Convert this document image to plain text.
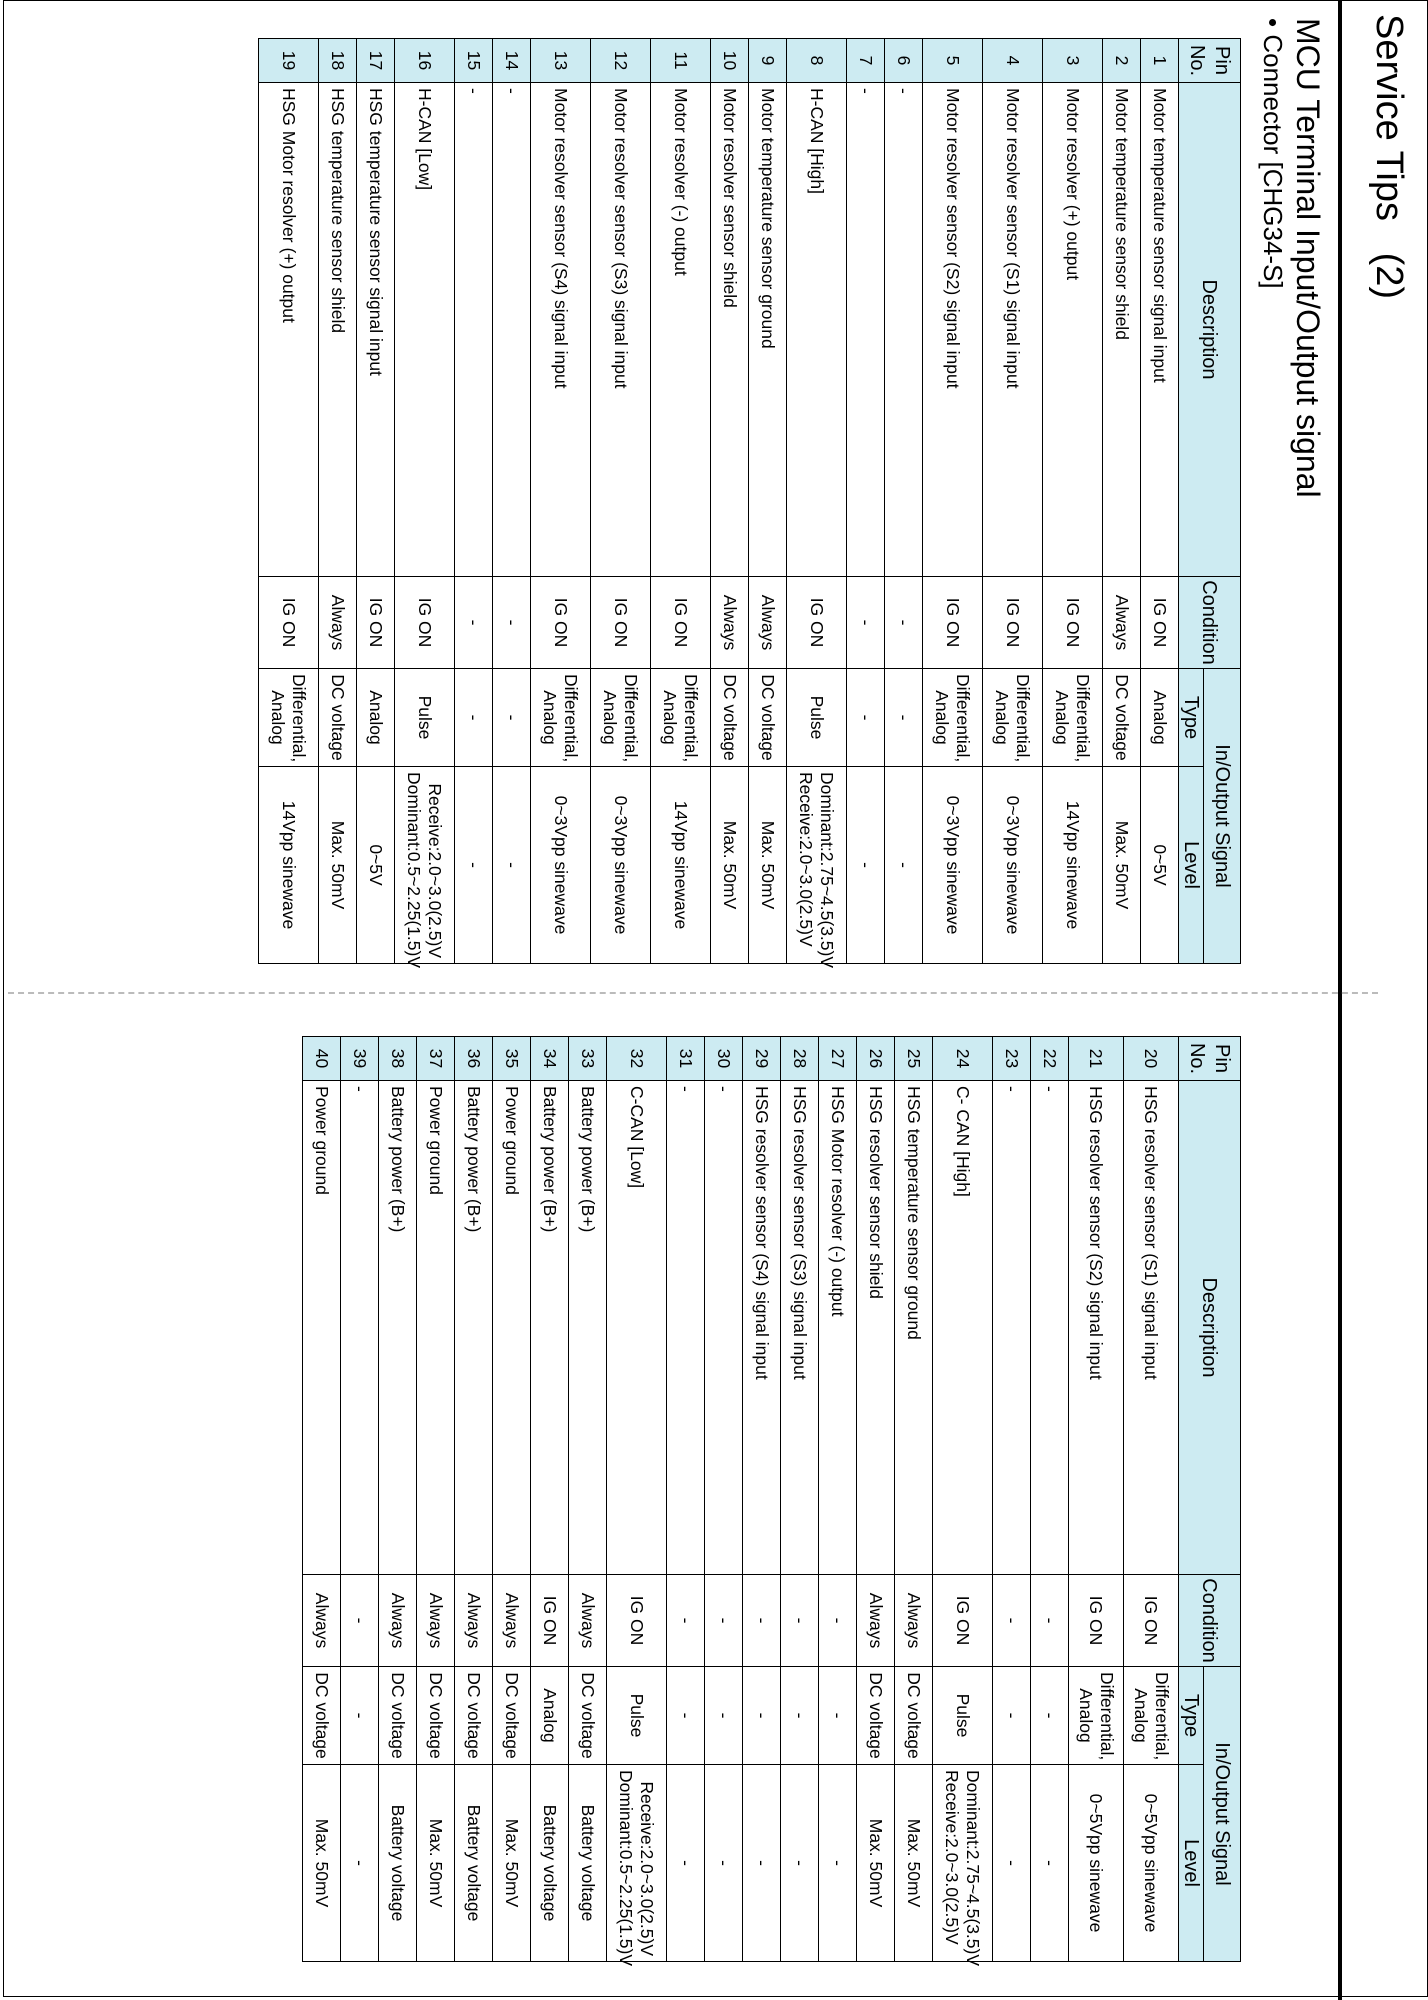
Service Tips   (2)
MCU Terminal Input/Output signal
• Connector [CHG34-S]
Pin No.	Description	Condition	In/Output Signal	
			Type	Level
1	Motor temperature sensor signal input	IG ON	Analog	0~5V

2	Motor temperature sensor shield	Always	DC voltage	Max. 50mV

3	Motor resolver (+) output	IG ON	Differential,
Analog	14Vpp sinewave

4	Motor resolver sensor (S1) signal input	IG ON	Differential,
Analog	0~3Vpp sinewave

5	Motor resolver sensor (S2) signal input	IG ON	Differential,
Analog	0~3Vpp sinewave

6	-	-	-	-

7	-	-	-	-

8	H-CAN [High]	IG ON	Pulse	Dominant:2.75~4.5(3.5)V
Receive:2.0~3.0(2.5)V

9	Motor temperature sensor ground	Always	DC voltage	Max. 50mV

10	Motor resolver sensor shield	Always	DC voltage	Max. 50mV

11	Motor resolver (-) output	IG ON	Differential,
Analog	14Vpp sinewave

12	Motor resolver sensor (S3) signal input	IG ON	Differential,
Analog	0~3Vpp sinewave

13	Motor resolver sensor (S4) signal input	IG ON	Differential,
Analog	0~3Vpp sinewave

14	-	-	-	-

15	-	-	-	-

16	H-CAN [Low]	IG ON	Pulse	Receive:2.0~3.0(2.5)V
Dominant:0.5~2.25(1.5)V

17	HSG temperature sensor signal input	IG ON	Analog	0~5V

18	HSG temperature sensor shield	Always	DC voltage	Max. 50mV

19	HSG Motor resolver (+) output	IG ON	Differential,
Analog	14Vpp sinewave
Pin No.	Description	Condition	In/Output Signal	
			Type	Level
20	HSG resolver sensor (S1) signal input	IG ON	Differential,
Analog	0~5Vpp sinewave

21	HSG resolver sensor (S2) signal input	IG ON	Differential,
Analog	0~5Vpp sinewave

22	-	-	-	-

23	-	-	-	-

24	C- CAN [High]	IG ON	Pulse	Dominant:2.75~4.5(3.5)V
Receive:2.0~3.0(2.5)V

25	HSG temperature sensor ground	Always	DC voltage	Max. 50mV

26	HSG resolver sensor shield	Always	DC voltage	Max. 50mV

27	HSG Motor resolver (-) output	-	-	-

28	HSG resolver sensor (S3) signal input	-	-	-

29	HSG resolver sensor (S4) signal input	-	-	-

30	-	-	-	-

31	-	-	-	-

32	C-CAN [Low]	IG ON	Pulse	Receive:2.0~3.0(2.5)V
Dominant:0.5~2.25(1.5)V

33	Battery power (B+)	Always	DC voltage	Battery voltage

34	Battery power (B+)	IG ON	Analog	Battery voltage

35	Power ground	Always	DC voltage	Max. 50mV

36	Battery power (B+)	Always	DC voltage	Battery voltage

37	Power ground	Always	DC voltage	Max. 50mV

38	Battery power (B+)	Always	DC voltage	Battery voltage

39	-	-	-	-

40	Power ground	Always	DC voltage	Max. 50mV
